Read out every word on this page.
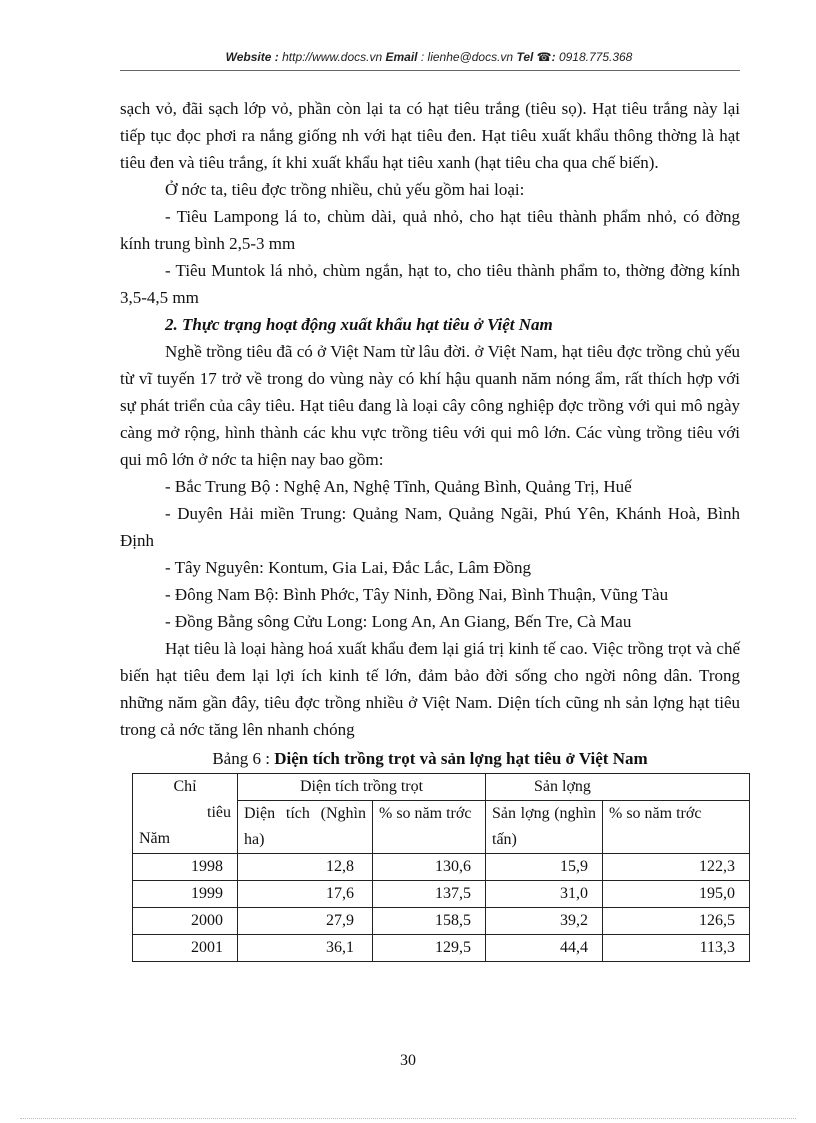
Website : http://www.docs.vn Email : lienhe@docs.vn Tel ☎: 0918.775.368

sạch vỏ, đãi sạch lớp vỏ, phần còn lại ta có hạt tiêu trắng (tiêu sọ). Hạt tiêu trắng này lại tiếp tục đọc phơi ra nắng giống nh với hạt tiêu đen. Hạt tiêu xuất khẩu thông thờng là hạt tiêu đen và tiêu trắng, ít khi xuất khẩu hạt tiêu xanh (hạt tiêu cha qua chế biến).

Ở nớc ta, tiêu đợc trồng nhiều, chủ yếu gồm hai loại:

- Tiêu Lampong lá to, chùm dài, quả nhỏ, cho hạt tiêu thành phẩm nhỏ, có đờng kính trung bình 2,5-3 mm

- Tiêu Muntok lá nhỏ, chùm ngắn, hạt to, cho tiêu thành phẩm to, thờng đờng kính 3,5-4,5 mm

2. Thực trạng hoạt động xuất khẩu hạt tiêu ở Việt Nam

Nghề trồng tiêu đã có ở Việt Nam từ lâu đời. ở Việt Nam, hạt tiêu đợc trồng chủ yếu từ vĩ tuyến 17 trở về trong do vùng này có khí hậu quanh năm nóng ẩm, rất thích hợp với sự phát triển của cây tiêu. Hạt tiêu đang là loại cây công nghiệp đợc trồng với qui mô ngày càng mở rộng, hình thành các khu vực trồng tiêu với qui mô lớn. Các vùng trồng tiêu với qui mô lớn ở nớc ta hiện nay bao gồm:

- Bắc Trung Bộ : Nghệ An, Nghệ Tĩnh, Quảng Bình, Quảng Trị, Huế

- Duyên Hải miền Trung: Quảng Nam, Quảng Ngãi, Phú Yên, Khánh Hoà, Bình Định

- Tây Nguyên: Kontum, Gia Lai, Đắc Lắc, Lâm Đồng

- Đông Nam Bộ: Bình Phớc, Tây Ninh, Đồng Nai, Bình Thuận, Vũng Tàu

- Đồng Bằng sông Cửu Long: Long An, An Giang, Bến Tre, Cà Mau

Hạt tiêu là loại hàng hoá xuất khẩu đem lại giá trị kinh tế cao. Việc trồng trọt và chế biến hạt tiêu đem lại lợi ích kinh tế lớn, đảm bảo đời sống cho ngời nông dân. Trong những năm gần đây, tiêu đợc trồng nhiều ở Việt Nam. Diện tích cũng nh sản lợng hạt tiêu trong cả nớc tăng lên nhanh chóng

Bảng 6 : Diện tích trồng trọt và sản lợng hạt tiêu ở Việt Nam
Chỉ
tiêu
Năm	Diện tích trồng trọt		Sản lợng	
	Diện tích (Nghìn ha)	% so năm trớc	Sản lợng (nghìn tấn)	% so năm trớc
1998	12,8	130,6	15,9	122,3
1999	17,6	137,5	31,0	195,0
2000	27,9	158,5	39,2	126,5
2001	36,1	129,5	44,4	113,3
30
